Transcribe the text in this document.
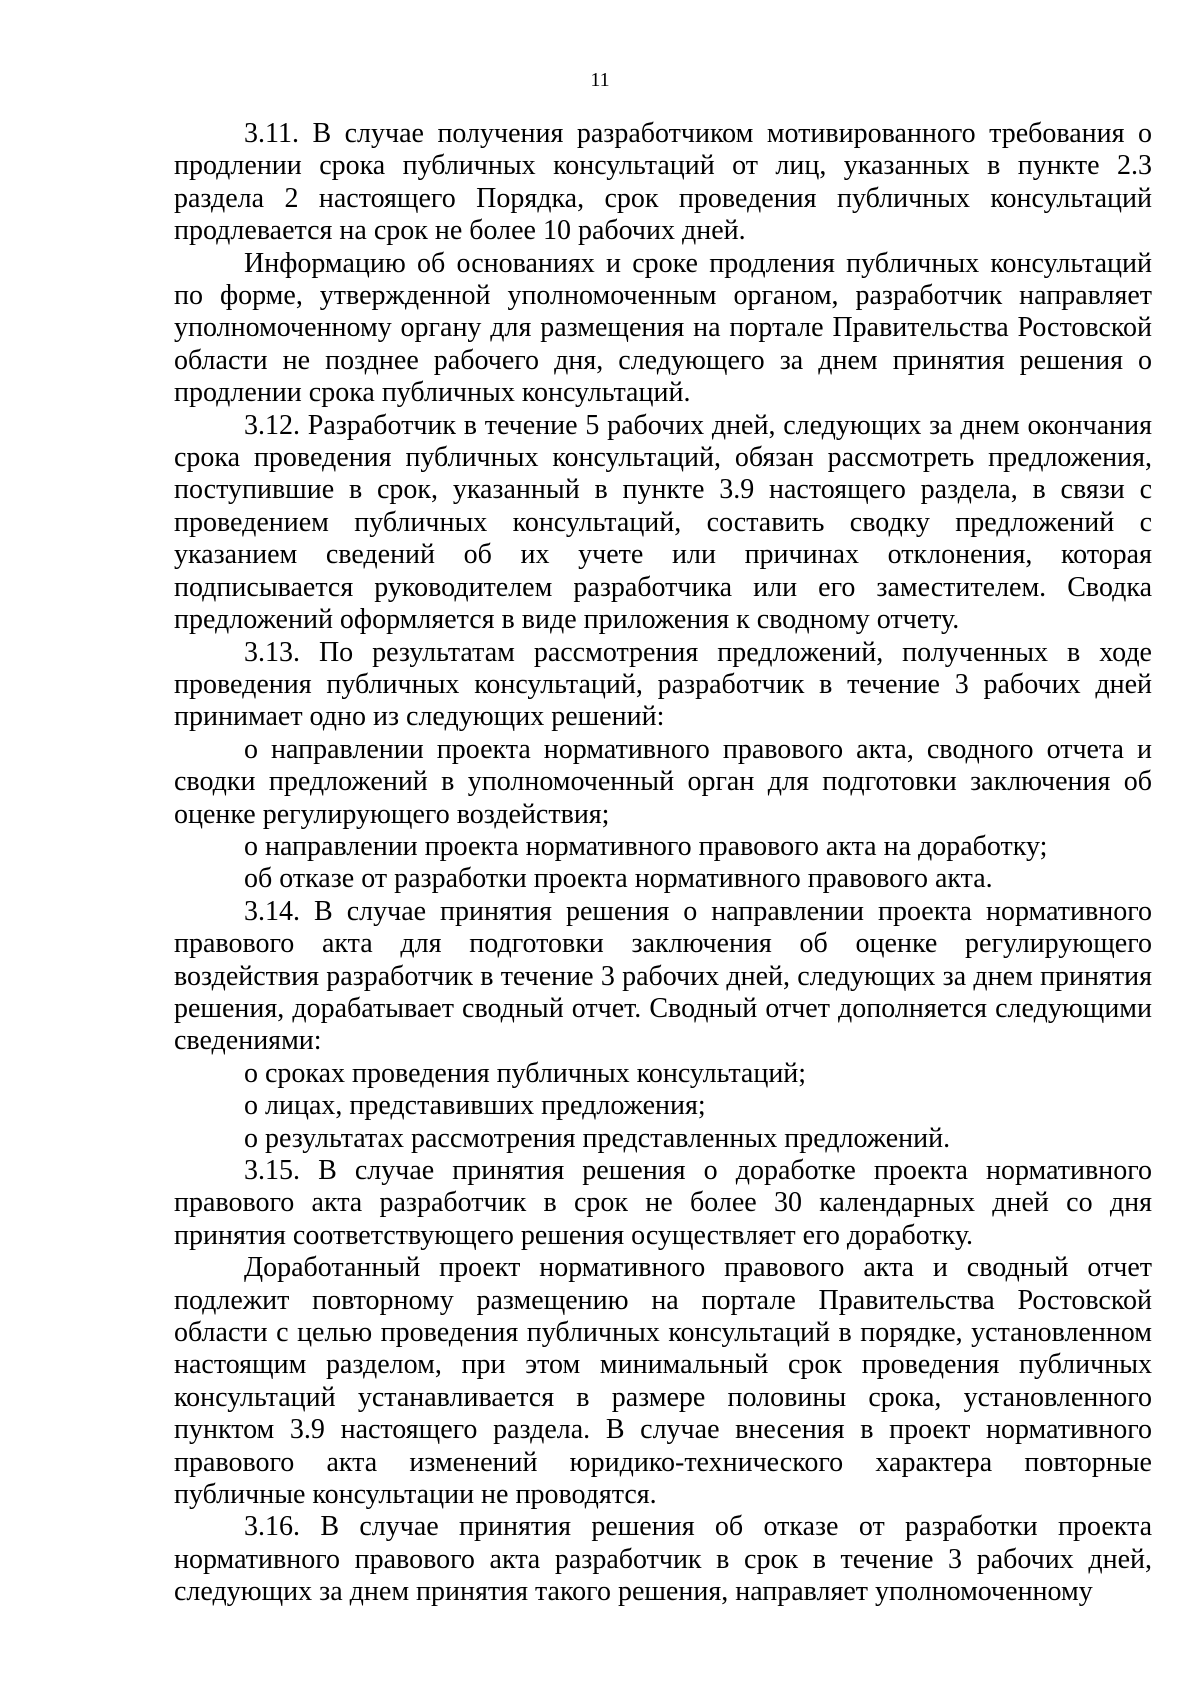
11

3.11. В случае получения разработчиком мотивированного требования о продлении срока публичных консультаций от лиц, указанных в пункте 2.3 раздела 2 настоящего Порядка, срок проведения публичных консультаций продлевается на срок не более 10 рабочих дней.

Информацию об основаниях и сроке продления публичных консультаций по форме, утвержденной уполномоченным органом, разработчик направляет уполномоченному органу для размещения на портале Правительства Ростовской области не позднее рабочего дня, следующего за днем принятия решения о продлении срока публичных консультаций.

3.12. Разработчик в течение 5 рабочих дней, следующих за днем окончания срока проведения публичных консультаций, обязан рассмотреть предложения, поступившие в срок, указанный в пункте 3.9 настоящего раздела, в связи с проведением публичных консультаций, составить сводку предложений с указанием сведений об их учете или причинах отклонения, которая подписывается руководителем разработчика или его заместителем. Сводка предложений оформляется в виде приложения к сводному отчету.

3.13. По результатам рассмотрения предложений, полученных в ходе проведения публичных консультаций, разработчик в течение 3 рабочих дней принимает одно из следующих решений:

о направлении проекта нормативного правового акта, сводного отчета и сводки предложений в уполномоченный орган для подготовки заключения об оценке регулирующего воздействия;

о направлении проекта нормативного правового акта на доработку;

об отказе от разработки проекта нормативного правового акта.

3.14. В случае принятия решения о направлении проекта нормативного правового акта для подготовки заключения об оценке регулирующего воздействия разработчик в течение 3 рабочих дней, следующих за днем принятия решения, дорабатывает сводный отчет. Сводный отчет дополняется следующими сведениями:

о сроках проведения публичных консультаций;

о лицах, представивших предложения;

о результатах рассмотрения представленных предложений.

3.15. В случае принятия решения о доработке проекта нормативного правового акта разработчик в срок не более 30 календарных дней со дня принятия соответствующего решения осуществляет его доработку.

Доработанный проект нормативного правового акта и сводный отчет подлежит повторному размещению на портале Правительства Ростовской области с целью проведения публичных консультаций в порядке, установленном настоящим разделом, при этом минимальный срок проведения публичных консультаций устанавливается в размере половины срока, установленного пунктом 3.9 настоящего раздела. В случае внесения в проект нормативного правового акта изменений юридико-технического характера повторные публичные консультации не проводятся.

3.16. В случае принятия решения об отказе от разработки проекта нормативного правового акта разработчик в срок в течение 3 рабочих дней, следующих за днем принятия такого решения, направляет уполномоченному
